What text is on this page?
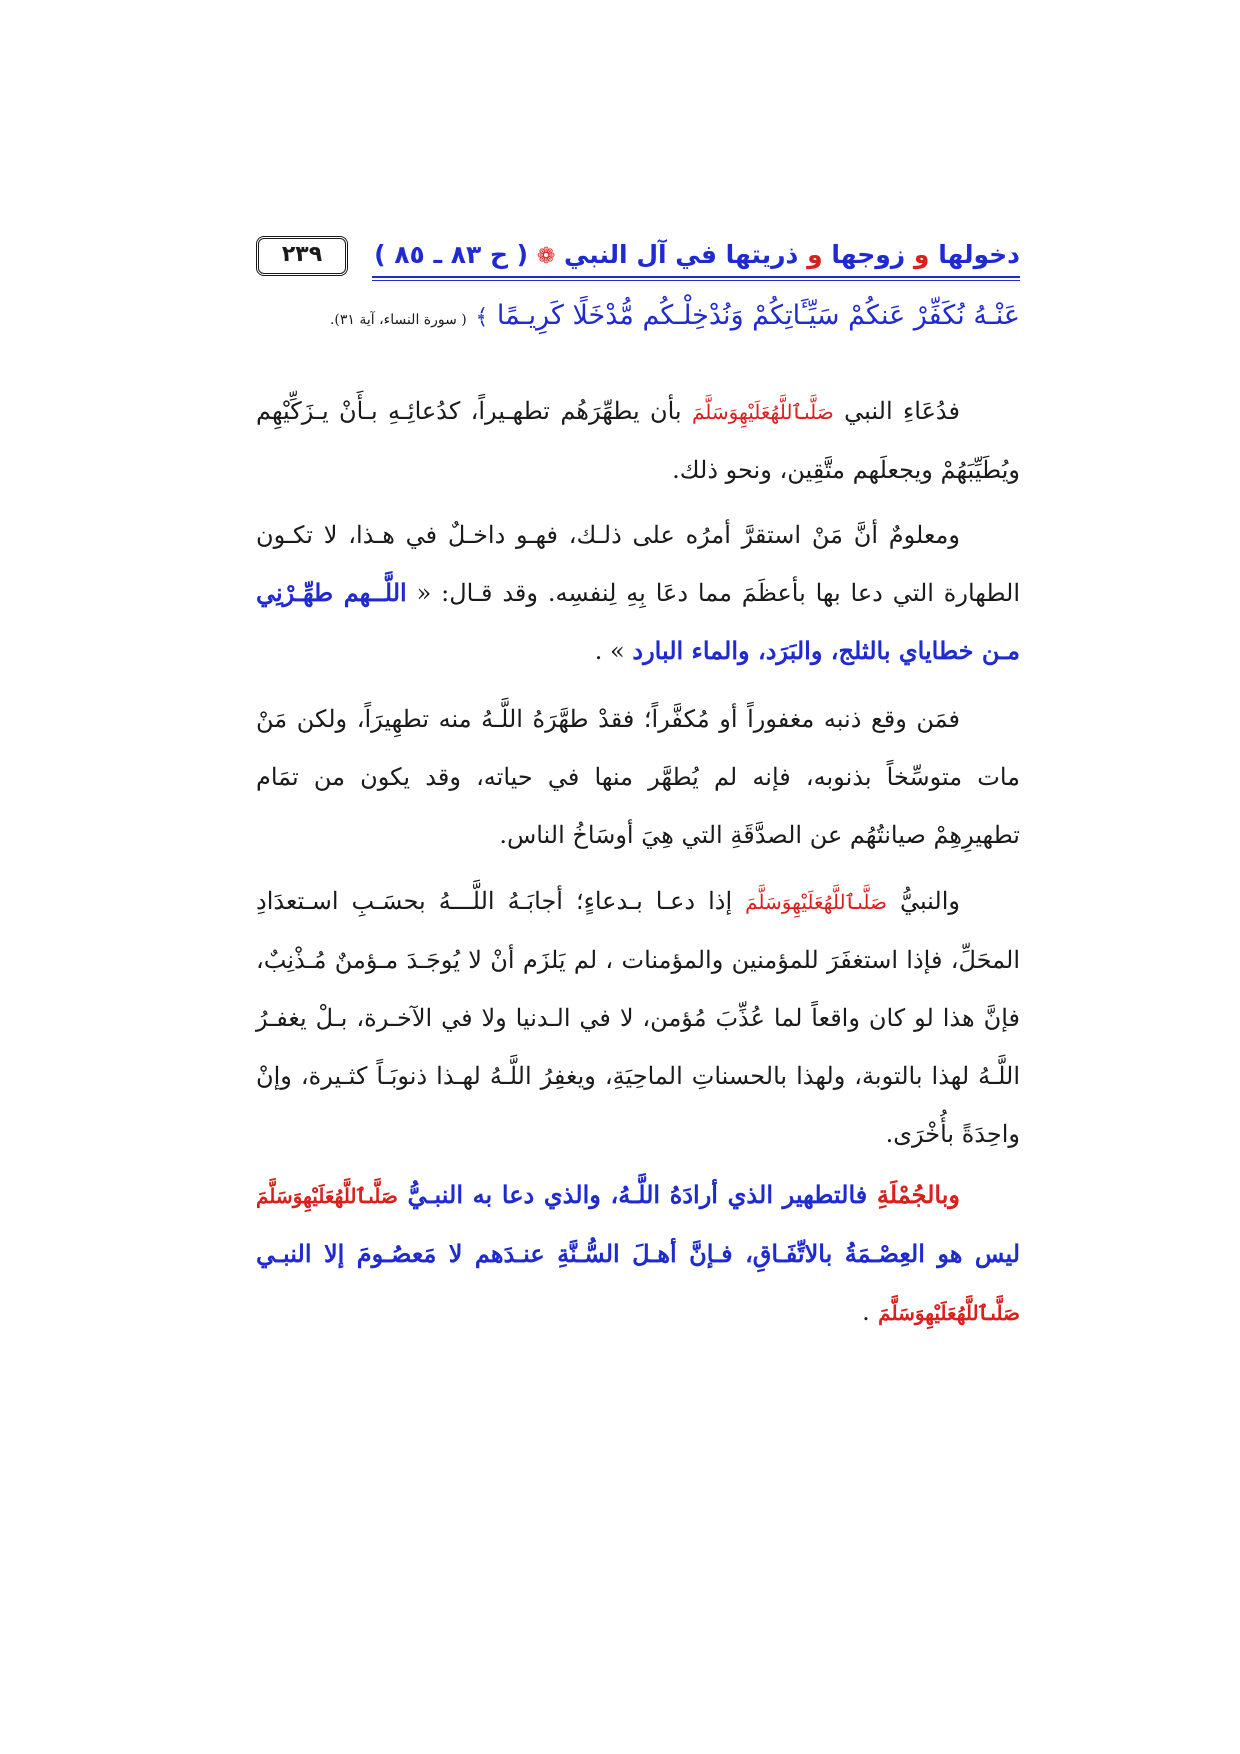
دخولها و زوجها و ذريتها في آل النبي ❁ ( ح ٨٣ ـ ٨٥ )
٢٣٩
عَنْـهُ نُكَفِّرْ عَنكُمْ سَيِّـَٔاتِكُمْ وَنُدْخِلْـكُم مُّدْخَلًا كَرِيـمًا ﴾ ( سورة النساء، آية ٣١).

فدُعَاءِ النبي صَلَّىٱللَّهُعَلَيْهِوَسَلَّمَ بأن يطهِّرَهُم تطهـيراً، كدُعائِـهِ بـأَنْ يـزَكِّيْهِم ويُطَيِّبَهُمْ ويجعلَهم متَّقِين، ونحو ذلك.

ومعلومٌ أنَّ مَنْ استقرَّ أمرُه على ذلـك، فهـو داخـلٌ في هـذا، لا تكـون الطهارة التي دعا بها بأعظَمَ مما دعَا بِهِ لِنفسِه. وقد قـال: « اللَّــهم طهِّـرْنِي مـن خطاياي بالثلج، والبَرَد، والماء البارد » .

فمَن وقع ذنبه مغفوراً أو مُكفَّراً؛ فقدْ طهَّرَهُ اللَّـهُ منه تطهِيرَاً، ولكن مَنْ مات متوسِّخاً بذنوبه، فإنه لم يُطهَّر منها في حياته، وقد يكون من تمَام تطهيرِهِمْ صيانتُهُم عن الصدَّقَةِ التي هِيَ أوسَاخُ الناس.

والنبيُّ صَلَّىٱللَّهُعَلَيْهِوَسَلَّمَ إذا دعـا بـدعاءٍ؛ أجابَـهُ اللَّـــهُ بحسَـبِ اسـتعدَادِ المحَلِّ، فإذا استغفَرَ للمؤمنين والمؤمنات ، لم يَلزَم أنْ لا يُوجَـدَ مـؤمنٌ مُـذْنِبٌ، فإنَّ هذا لو كان واقعاً لما عُذِّبَ مُؤمن، لا في الـدنيا ولا في الآخـرة، بـلْ يغفـرُ اللَّـهُ لهذا بالتوبة، ولهذا بالحسناتِ الماحِيَةِ، ويغفِرُ اللَّـهُ لهـذا ذنوبَـاً كثـيرة، وإنْ واحِدَةً بأُخْرَى.

وبالجُمْلَةِ فالتطهير الذي أرادَهُ اللَّـهُ، والذي دعا به النبـيُّ صَلَّىٱللَّهُعَلَيْهِوَسَلَّمَ ليس هو العِصْـمَةُ بالاتِّفَـاقِ، فـإنَّ أهـلَ السُّـنَّةِ عنـدَهم لا مَعصُـومَ إلا النبـي صَلَّىٱللَّهُعَلَيْهِوَسَلَّمَ .
